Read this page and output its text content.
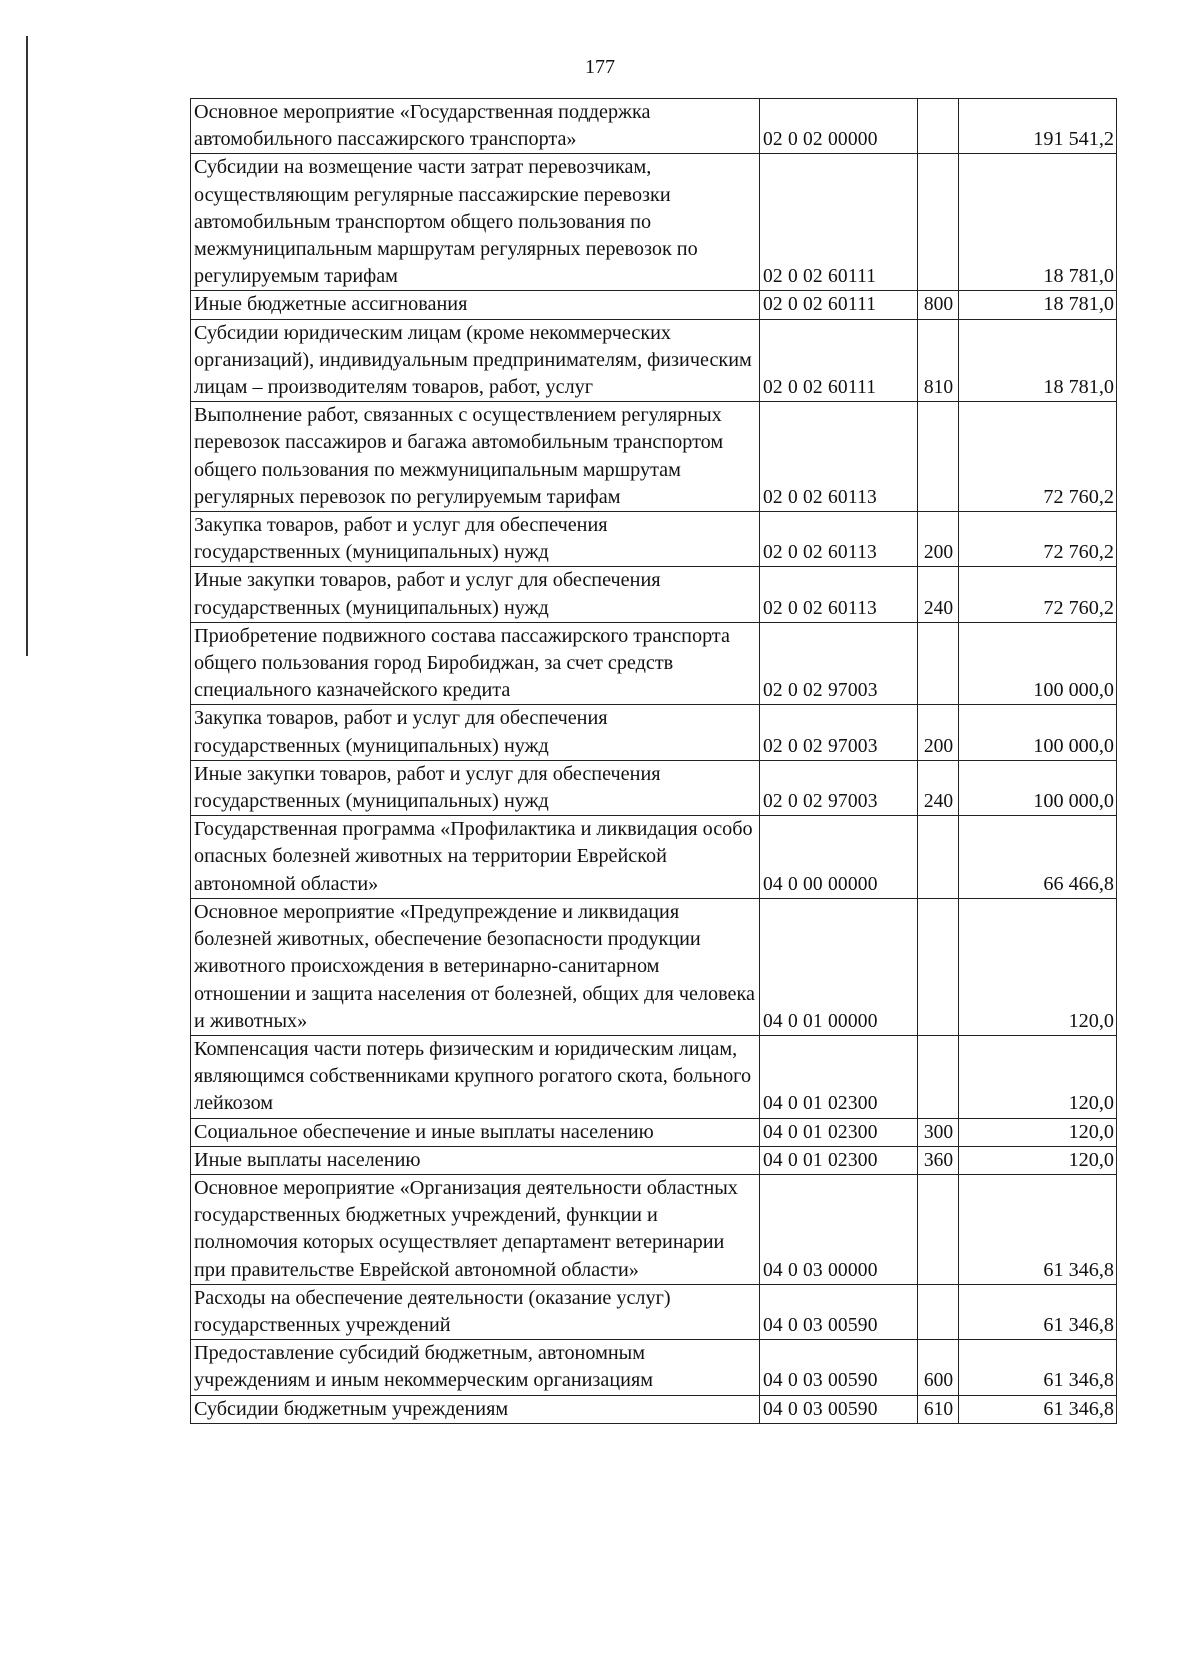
177
Основное мероприятие «Государственная поддержка автомобильного пассажирского транспорта»	02 0 02 00000		191 541,2
Субсидии на возмещение части затрат перевозчикам, осуществляющим регулярные пассажирские перевозки автомобильным транспортом общего пользования по межмуниципальным маршрутам регулярных перевозок по регулируемым тарифам	02 0 02 60111		18 781,0
Иные бюджетные ассигнования	02 0 02 60111	800	18 781,0
Субсидии юридическим лицам (кроме некоммерческих организаций), индивидуальным предпринимателям, физическим лицам – производителям товаров, работ, услуг	02 0 02 60111	810	18 781,0
Выполнение работ, связанных с осуществлением регулярных перевозок пассажиров и багажа автомобильным транспортом общего пользования по межмуниципальным маршрутам регулярных перевозок по регулируемым тарифам	02 0 02 60113		72 760,2
Закупка товаров, работ и услуг для обеспечения государственных (муниципальных) нужд	02 0 02 60113	200	72 760,2
Иные закупки товаров, работ и услуг для обеспечения государственных (муниципальных) нужд	02 0 02 60113	240	72 760,2
Приобретение подвижного состава пассажирского транспорта общего пользования город Биробиджан, за счет средств специального казначейского кредита	02 0 02 97003		100 000,0
Закупка товаров, работ и услуг для обеспечения государственных (муниципальных) нужд	02 0 02 97003	200	100 000,0
Иные закупки товаров, работ и услуг для обеспечения государственных (муниципальных) нужд	02 0 02 97003	240	100 000,0
Государственная программа «Профилактика и ликвидация особо опасных болезней животных на территории Еврейской автономной области»	04 0 00 00000		66 466,8
Основное мероприятие «Предупреждение и ликвидация болезней животных, обеспечение безопасности продукции животного происхождения в ветеринарно-санитарном отношении и защита населения от болезней, общих для человека и животных»	04 0 01 00000		120,0
Компенсация части потерь физическим и юридическим лицам, являющимся собственниками крупного рогатого скота, больного лейкозом	04 0 01 02300		120,0
Социальное обеспечение и иные выплаты населению	04 0 01 02300	300	120,0
Иные выплаты населению	04 0 01 02300	360	120,0
Основное мероприятие «Организация деятельности областных государственных бюджетных учреждений, функции и полномочия которых осуществляет департамент ветеринарии при правительстве Еврейской автономной области»	04 0 03 00000		61 346,8
Расходы на обеспечение деятельности (оказание услуг) государственных учреждений	04 0 03 00590		61 346,8
Предоставление субсидий бюджетным, автономным учреждениям и иным некоммерческим организациям	04 0 03 00590	600	61 346,8
Субсидии бюджетным учреждениям	04 0 03 00590	610	61 346,8
